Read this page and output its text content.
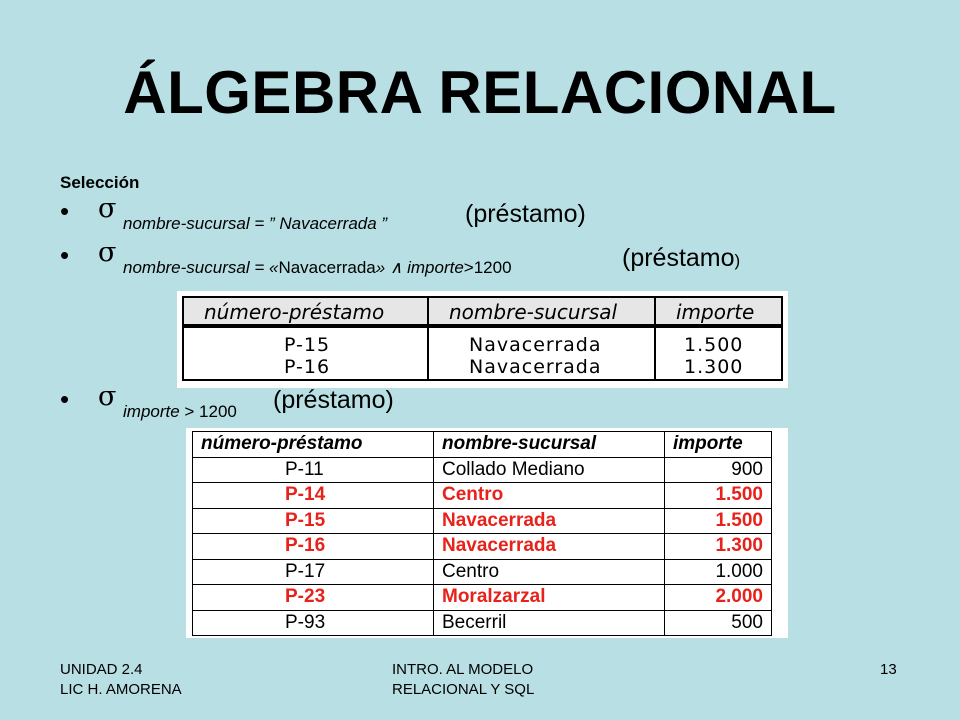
ÁLGEBRA RELACIONAL
Selección
• σ nombre-sucursal = ” Navacerrada ”	(préstamo)
• σ nombre-sucursal = «Navacerrada» ∧ importe>1200	(préstamo)
número-préstamo	nombre-sucursal	importe
P-15	Navacerrada	1.500
P-16	Navacerrada	1.300
• σ importe > 1200 (préstamo)
número-préstamo	nombre-sucursal	importe
P-11	Collado Mediano	900
P-14	Centro	1.500
P-15	Navacerrada	1.500
P-16	Navacerrada	1.300
P-17	Centro	1.000
P-23	Moralzarzal	2.000
P-93	Becerril	500
UNIDAD 2.4
LIC H. AMORENA
INTRO. AL MODELO
RELACIONAL Y SQL
13
